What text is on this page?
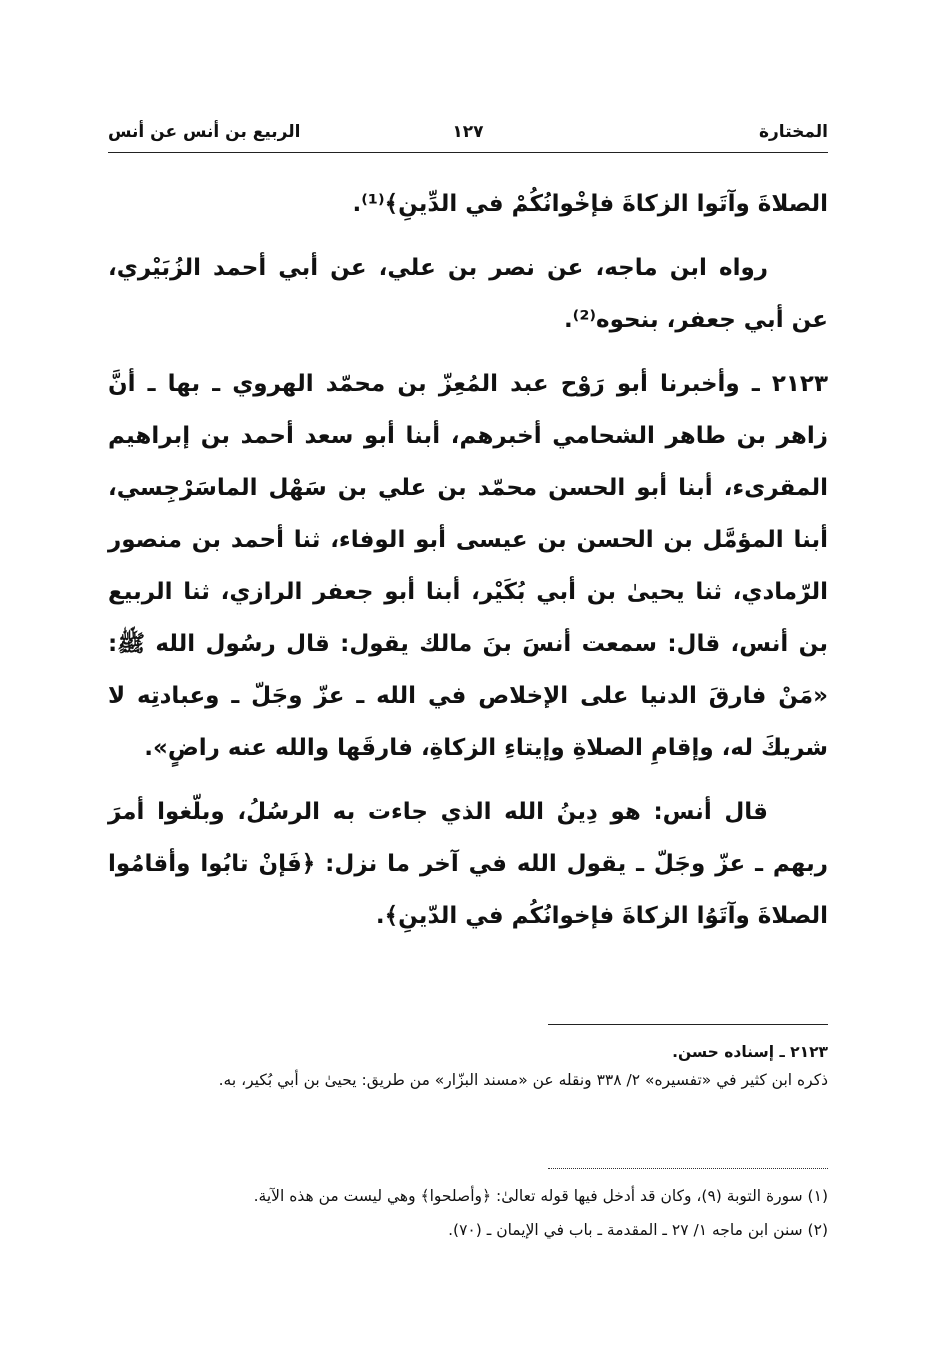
المختارة
١٢٧
الربيع بن أنس عن أنس

الصلاةَ وآتَوا الزكاةَ فإخْوانُكُمْ في الدِّينِ﴾⁽¹⁾.

رواه ابن ماجه، عن نصر بن علي، عن أبي أحمد الزُبَيْري، عن أبي جعفر، بنحوه⁽²⁾.

٢١٢٣ ـ وأخبرنا أبو رَوْح عبد المُعِزّ بن محمّد الهروي ـ بها ـ أنَّ زاهر بن طاهر الشحامي أخبرهم، أبنا أبو سعد أحمد بن إبراهيم المقرىء، أبنا أبو الحسن محمّد بن علي بن سَهْل الماسَرْجِسي، أبنا المؤمَّل بن الحسن بن عيسى أبو الوفاء، ثنا أحمد بن منصور الرّمادي، ثنا يحيىٰ بن أبي بُكَيْر، أبنا أبو جعفر الرازي، ثنا الربيع بن أنس، قال: سمعت أنسَ بنَ مالك يقول: قال رسُول الله ﷺ: «مَنْ فارقَ الدنيا على الإخلاص في الله ـ عزّ وجَلّ ـ وعبادتِه لا شريكَ له، وإقامِ الصلاةِ وإيتاءِ الزكاةِ، فارقَها والله عنه راضٍ».

قال أنس: هو دِينُ الله الذي جاءت به الرسُلُ، وبلّغوا أمرَ ربهم ـ عزّ وجَلّ ـ يقول الله في آخر ما نزل: ﴿فَإنْ تابُوا وأقامُوا الصلاةَ وآتَوُا الزكاةَ فإخوانُكُم في الدّينِ﴾.

٢١٢٣ ـ إسناده حسن.

ذكره ابن كثير في «تفسيره» ٢/ ٣٣٨ ونقله عن «مسند البزّار» من طريق: يحيىٰ بن أبي بُكير، به.

(١) سورة التوبة (٩)، وكان قد أدخل فيها قوله تعالىٰ: ﴿وأصلحوا﴾ وهي ليست من هذه الآية.

(٢) سنن ابن ماجه ١/ ٢٧ ـ المقدمة ـ باب في الإيمان ـ (٧٠).
